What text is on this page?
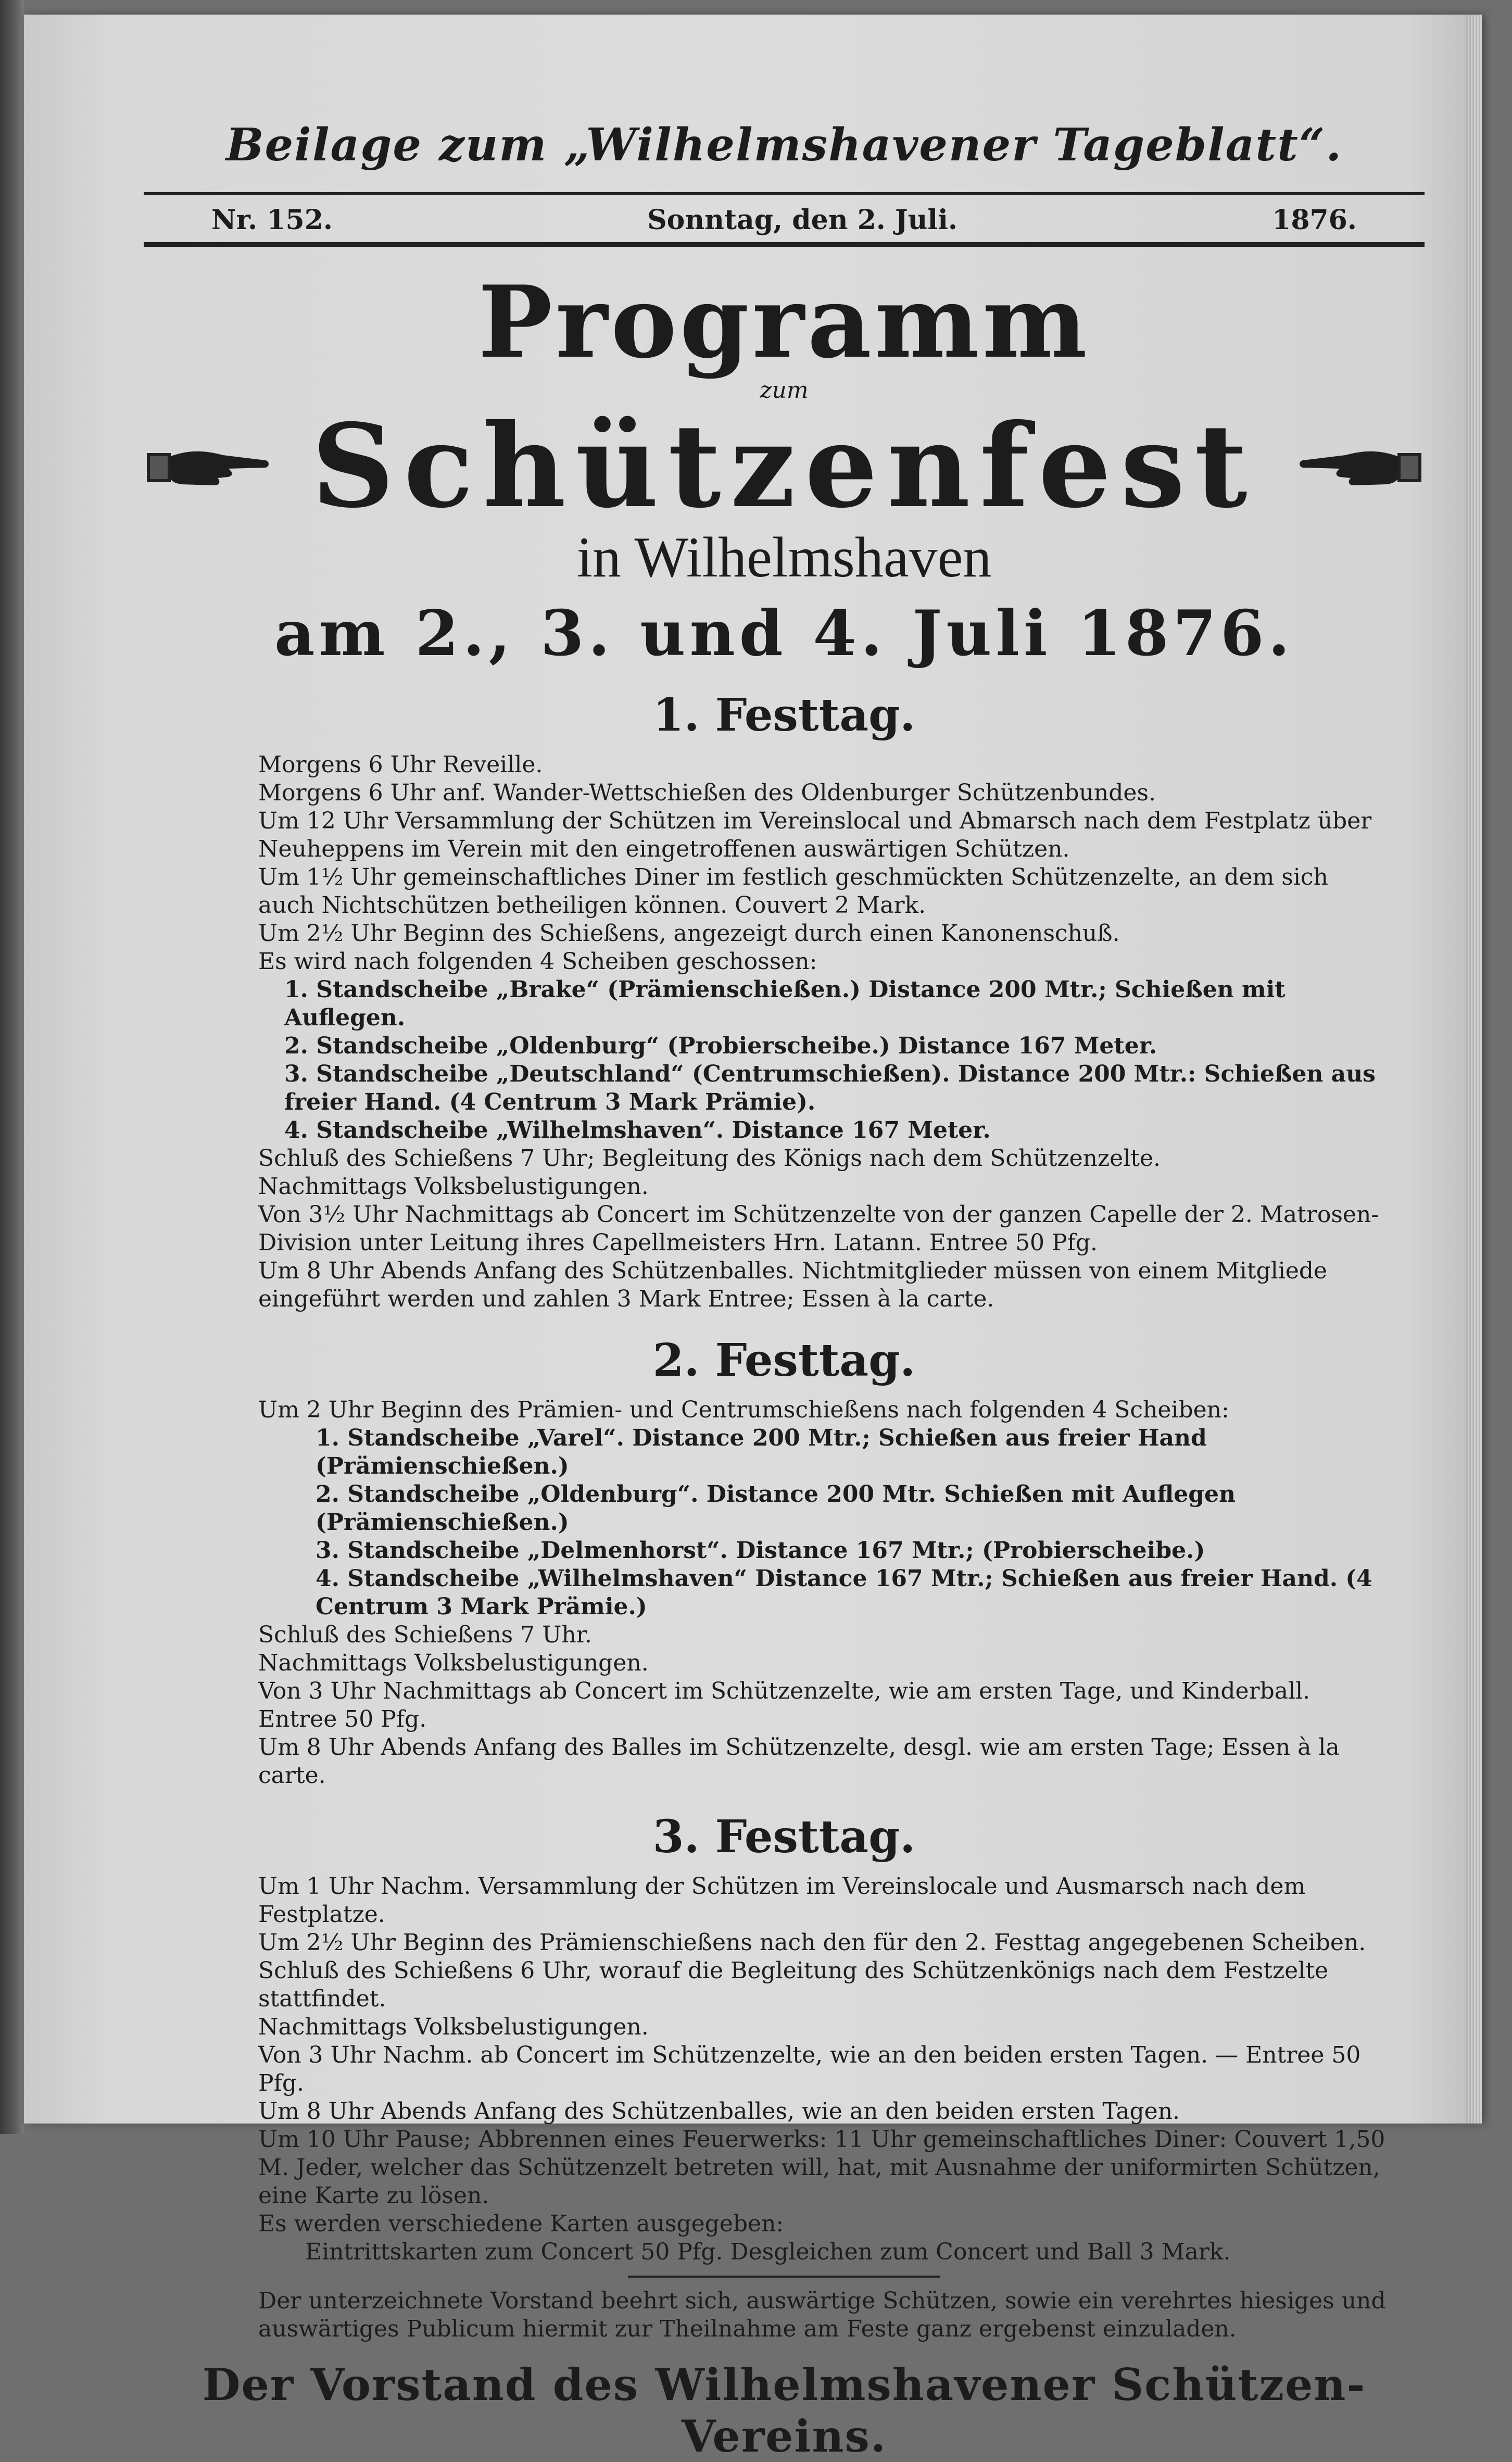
Beilage zum „Wilhelmshavener Tageblatt“.
Nr. 152.	Sonntag, den 2. Juli.	1876.
Programm
zum
Schützenfest
in Wilhelmshaven
am 2., 3. und 4. Juli 1876.
1. Festtag.

Morgens 6 Uhr Reveille.

Morgens 6 Uhr anf. Wander-Wettschießen des Oldenburger Schützenbundes.

Um 12 Uhr Versammlung der Schützen im Vereinslocal und Abmarsch nach dem Festplatz über Neuheppens im Verein mit den eingetroffenen auswärtigen Schützen.

Um 1½ Uhr gemeinschaftliches Diner im festlich geschmückten Schützenzelte, an dem sich auch Nichtschützen betheiligen können. Couvert 2 Mark.

Um 2½ Uhr Beginn des Schießens, angezeigt durch einen Kanonenschuß.

Es wird nach folgenden 4 Scheiben geschossen:

1. Standscheibe „Brake“ (Prämienschießen.) Distance 200 Mtr.; Schießen mit Auflegen.

2. Standscheibe „Oldenburg“ (Probierscheibe.) Distance 167 Meter.

3. Standscheibe „Deutschland“ (Centrumschießen). Distance 200 Mtr.: Schießen aus freier Hand. (4 Centrum 3 Mark Prämie).

4. Standscheibe „Wilhelmshaven“. Distance 167 Meter.

Schluß des Schießens 7 Uhr; Begleitung des Königs nach dem Schützenzelte.

Nachmittags Volksbelustigungen.

Von 3½ Uhr Nachmittags ab Concert im Schützenzelte von der ganzen Capelle der 2. Matrosen-Division unter Leitung ihres Capellmeisters Hrn. Latann. Entree 50 Pfg.

Um 8 Uhr Abends Anfang des Schützenballes. Nichtmitglieder müssen von einem Mitgliede eingeführt werden und zahlen 3 Mark Entree; Essen à la carte.

2. Festtag.

Um 2 Uhr Beginn des Prämien- und Centrumschießens nach folgenden 4 Scheiben:

1. Standscheibe „Varel“. Distance 200 Mtr.; Schießen aus freier Hand (Prämienschießen.)

2. Standscheibe „Oldenburg“. Distance 200 Mtr. Schießen mit Auflegen (Prämienschießen.)

3. Standscheibe „Delmenhorst“. Distance 167 Mtr.; (Probierscheibe.)

4. Standscheibe „Wilhelmshaven“ Distance 167 Mtr.; Schießen aus freier Hand. (4 Centrum 3 Mark Prämie.)

Schluß des Schießens 7 Uhr.

Nachmittags Volksbelustigungen.

Von 3 Uhr Nachmittags ab Concert im Schützenzelte, wie am ersten Tage, und Kinderball. Entree 50 Pfg.

Um 8 Uhr Abends Anfang des Balles im Schützenzelte, desgl. wie am ersten Tage; Essen à la carte.

3. Festtag.

Um 1 Uhr Nachm. Versammlung der Schützen im Vereinslocale und Ausmarsch nach dem Festplatze.

Um 2½ Uhr Beginn des Prämienschießens nach den für den 2. Festtag angegebenen Scheiben.

Schluß des Schießens 6 Uhr, worauf die Begleitung des Schützenkönigs nach dem Festzelte stattfindet.

Nachmittags Volksbelustigungen.

Von 3 Uhr Nachm. ab Concert im Schützenzelte, wie an den beiden ersten Tagen. — Entree 50 Pfg.

Um 8 Uhr Abends Anfang des Schützenballes, wie an den beiden ersten Tagen.

Um 10 Uhr Pause; Abbrennen eines Feuerwerks: 11 Uhr gemeinschaftliches Diner: Couvert 1,50 M. Jeder, welcher das Schützenzelt betreten will, hat, mit Ausnahme der uniformirten Schützen, eine Karte zu lösen.

Es werden verschiedene Karten ausgegeben:

Eintrittskarten zum Concert 50 Pfg. Desgleichen zum Concert und Ball 3 Mark.

Der unterzeichnete Vorstand beehrt sich, auswärtige Schützen, sowie ein verehrtes hiesiges und auswärtiges Publicum hiermit zur Theilnahme am Feste ganz ergebenst einzuladen.

Der Vorstand des Wilhelmshavener Schützen-Vereins.
